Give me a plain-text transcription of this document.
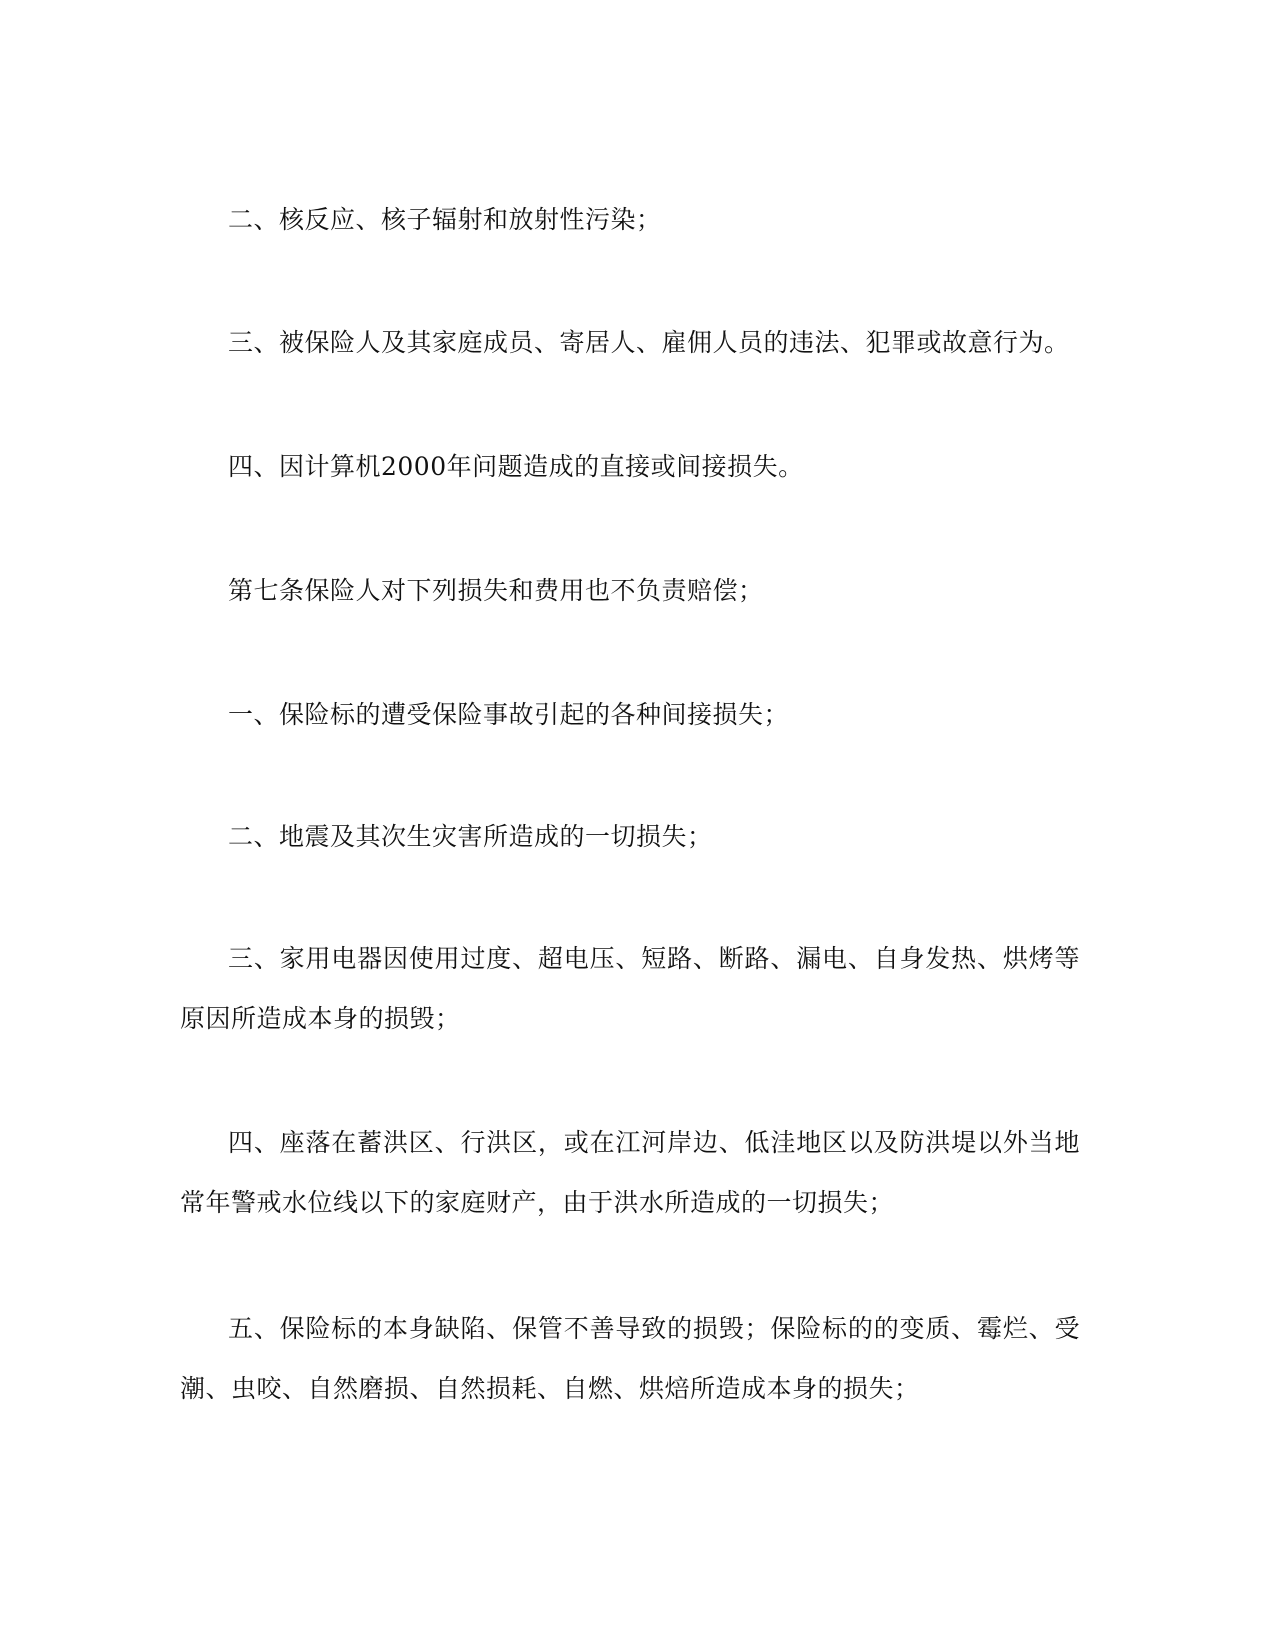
二、核反应、核子辐射和放射性污染；

三、被保险人及其家庭成员、寄居人、雇佣人员的违法、犯罪或故意行为。

四、因计算机2000年问题造成的直接或间接损失。

第七条保险人对下列损失和费用也不负责赔偿；

一、保险标的遭受保险事故引起的各种间接损失；

二、地震及其次生灾害所造成的一切损失；

三、家用电器因使用过度、超电压、短路、断路、漏电、自身发热、烘烤等原因所造成本身的损毁；

四、座落在蓄洪区、行洪区，或在江河岸边、低洼地区以及防洪堤以外当地常年警戒水位线以下的家庭财产，由于洪水所造成的一切损失；

五、保险标的本身缺陷、保管不善导致的损毁；保险标的的变质、霉烂、受潮、虫咬、自然磨损、自然损耗、自燃、烘焙所造成本身的损失；
